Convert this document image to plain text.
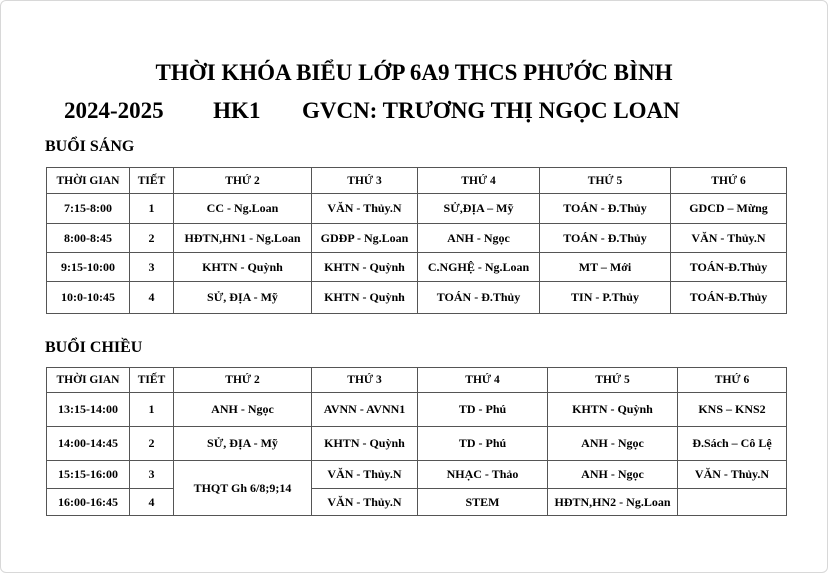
THỜI KHÓA BIỂU LỚP 6A9 THCS PHƯỚC BÌNH
2024-2025 HK1 GVCN: TRƯƠNG THỊ NGỌC LOAN
BUỔI SÁNG
THỜI GIAN	TIẾT	THỨ 2	THỨ 3	THỨ 4	THỨ 5	THỨ 6
7:15-8:00	1	CC - Ng.Loan	VĂN - Thủy.N	SỬ,ĐỊA – Mỹ	TOÁN - Đ.Thủy	GDCD – Mừng
8:00-8:45	2	HĐTN,HN1 - Ng.Loan	GDĐP - Ng.Loan	ANH - Ngọc	TOÁN - Đ.Thủy	VĂN - Thủy.N
9:15-10:00	3	KHTN - Quỳnh	KHTN - Quỳnh	C.NGHỆ - Ng.Loan	MT – Mới	TOÁN-Đ.Thủy
10:0-10:45	4	SỬ, ĐỊA - Mỹ	KHTN - Quỳnh	TOÁN - Đ.Thủy	TIN - P.Thủy	TOÁN-Đ.Thủy
BUỔI CHIỀU
THỜI GIAN	TIẾT	THỨ 2	THỨ 3	THỨ 4	THỨ 5	THỨ 6
13:15-14:00	1	ANH - Ngọc	AVNN - AVNN1	TD - Phú	KHTN - Quỳnh	KNS – KNS2
14:00-14:45	2	SỬ, ĐỊA - Mỹ	KHTN - Quỳnh	TD - Phú	ANH - Ngọc	Đ.Sách – Cô Lệ
15:15-16:00	3	THQT Gh 6/8;9;14	VĂN - Thủy.N	NHẠC - Thảo	ANH - Ngọc	VĂN - Thủy.N
16:00-16:45	4		VĂN - Thủy.N	STEM	HĐTN,HN2 - Ng.Loan	
